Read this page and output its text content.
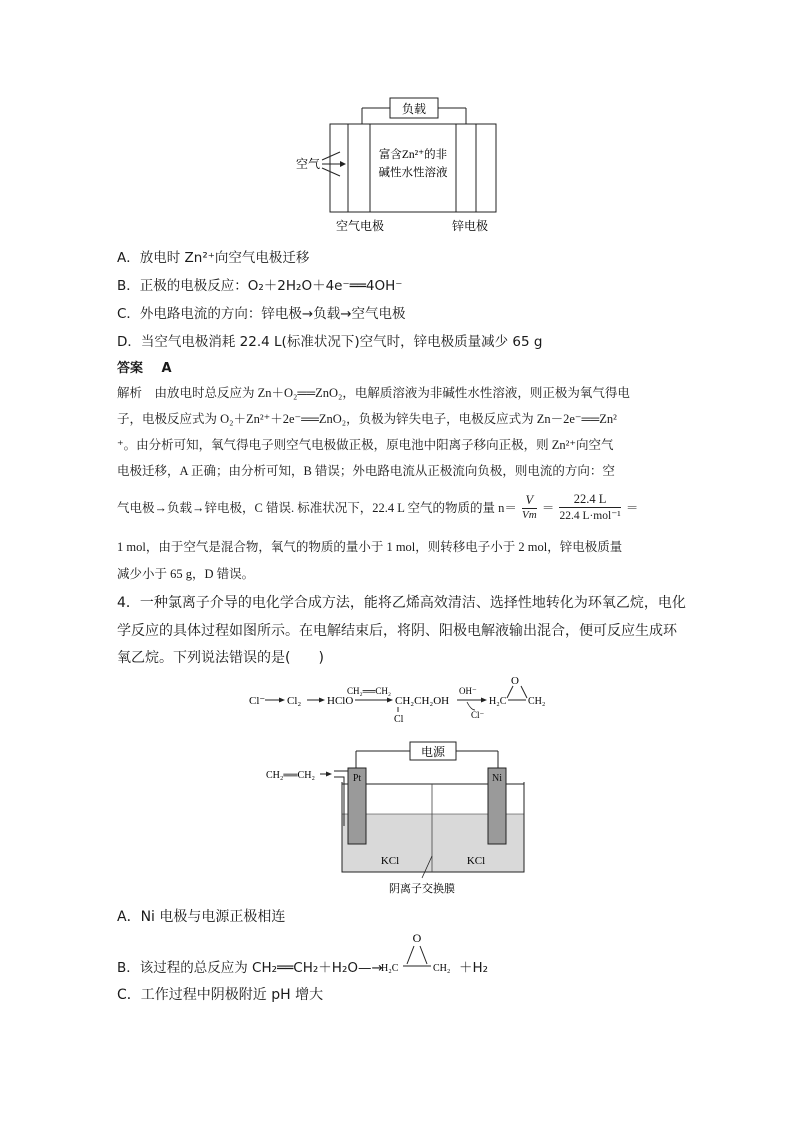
负载
富含Zn²⁺的非
碱性水性溶液
空气
空气电极	锌电极
A．放电时 Zn²⁺向空气电极迁移
B．正极的电极反应：O₂＋2H₂O＋4e⁻══4OH⁻
C．外电路电流的方向：锌电极→负载→空气电极
D．当空气电极消耗 22.4 L(标准状况下)空气时，锌电极质量减少 65 g
答案 A
解析　由放电时总反应为 Zn＋O₂══ZnO₂，电解质溶液为非碱性水性溶液，则正极为氧气得电
子，电极反应式为 O₂＋Zn²⁺＋2e⁻══ZnO₂，负极为锌失电子，电极反应式为 Zn－2e⁻══Zn²
⁺。由分析可知，氧气得电子则空气电极做正极，原电池中阳离子移向正极，则 Zn²⁺向空气
电极迁移，A 正确；由分析可知，B 错误；外电路电流从正极流向负极，则电流的方向：空
气电极→负载→锌电极，C 错误. 标准状况下，22.4 L 空气的物质的量 $n= \frac{V}{Vm}$ ＝
22.4 L
22.4 L·mol⁻¹
＝
1 mol，由于空气是混合物，氧气的物质的量小于 1 mol，则转移电子小于 2 mol，锌电极质量
减少小于 65 g，D 错误。
4．一种氯离子介导的电化学合成方法，能将乙烯高效清洁、选择性地转化为环氧乙烷，电化
学反应的具体过程如图所示。在电解结束后，将阴、阳极电解液输出混合，便可反应生成环
氧乙烷。下列说法错误的是(　　)
Cl⁻ Cl₂ HClO
CH₂══CH₂
CH₂CH₂OH
Cl
OH⁻
Cl⁻
O
H₂C CH₂
电源
Pt	Ni
CH₂══CH₂
KCl	KCl
阴离子交换膜
A．Ni 电极与电源正极相连
B．该过程的总反应为 CH₂══CH₂＋H₂O—→
O
H₂C	CH₂ ＋H₂
C．工作过程中阴极附近 pH 增大
